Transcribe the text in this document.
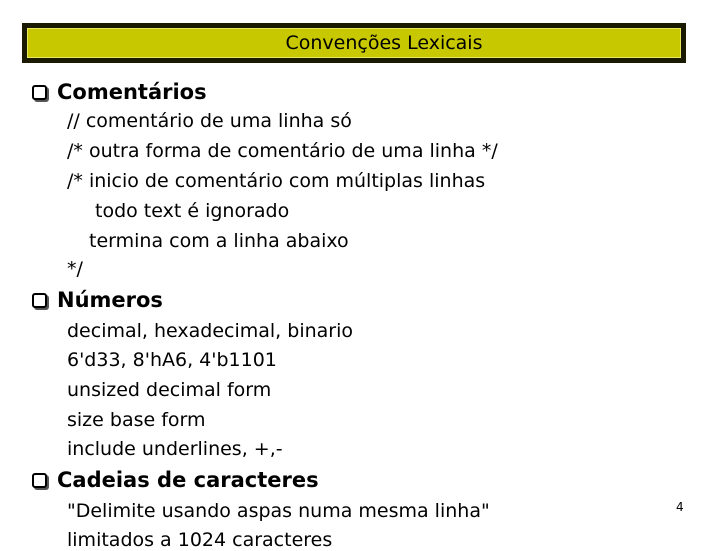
Convenções Lexicais
Comentários
// comentário de uma linha só
/* outra forma de comentário de uma linha */
/* inicio de comentário com múltiplas linhas
todo text é ignorado
termina com a linha abaixo
*/
Números
decimal, hexadecimal, binario
6'd33, 8'hA6, 4'b1101
unsized decimal form
size base form
include underlines, +,-
Cadeias de caracteres
"Delimite usando aspas numa mesma linha"
limitados a 1024 caracteres
4
